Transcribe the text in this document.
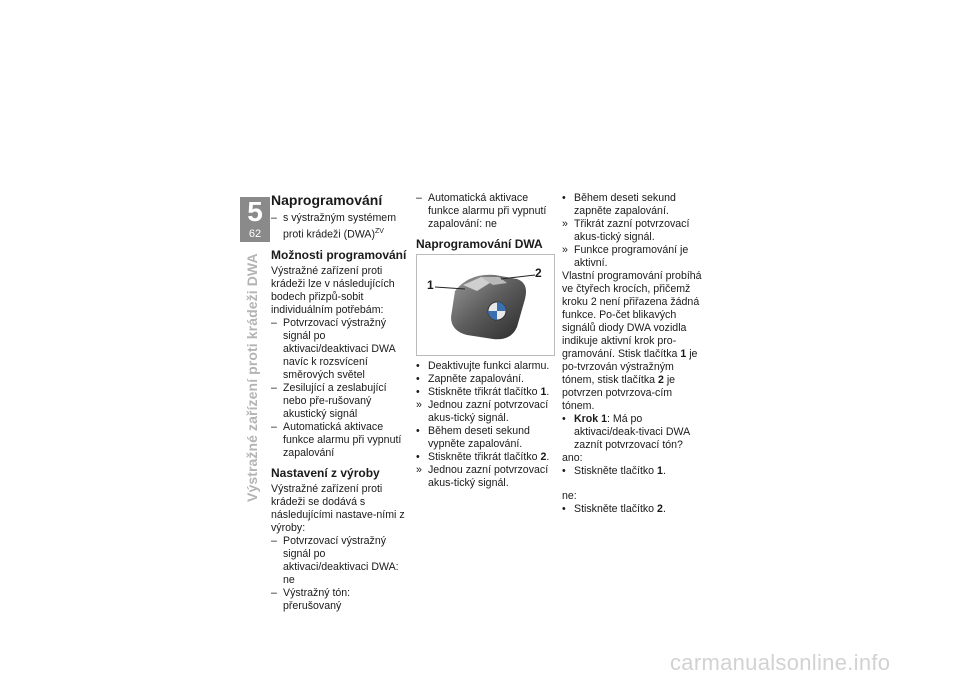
5
62
Výstražné zařízení proti krádeži DWA
Naprogramování
– s výstražným systémem proti krádeži (DWA)$^{ZV}$
Možnosti programování

Výstražné zařízení proti krádeži lze v následujících bodech přizpů-sobit individuálním potřebám:

– Potvrzovací výstražný signál po aktivaci/deaktivaci DWA navíc k rozsvícení směrových světel
– Zesilující a zeslabující nebo pře-rušovaný akustický signál
– Automatická aktivace funkce alarmu při vypnutí zapalování
Nastavení z výroby

Výstražné zařízení proti krádeži se dodává s následujícími nastave-ními z výroby:

– Potvrzovací výstražný signál po aktivaci/deaktivaci DWA: ne
– Výstražný tón: přerušovaný
– Automatická aktivace funkce alarmu při vypnutí zapalování: ne
Naprogramování DWA
1
2
• Deaktivujte funkci alarmu.
• Zapněte zapalování.
• Stiskněte třikrát tlačítko 1.
» Jednou zazní potvrzovací akus-tický signál.
• Během deseti sekund vypněte zapalování.
• Stiskněte třikrát tlačítko 2.
» Jednou zazní potvrzovací akus-tický signál.
• Během deseti sekund zapněte zapalování.
» Třikrát zazní potvrzovací akus-tický signál.
» Funkce programování je aktivní.

Vlastní programování probíhá ve čtyřech krocích, přičemž kroku 2 není přiřazena žádná funkce. Po-čet blikavých signálů diody DWA vozidla indikuje aktivní krok pro-gramování. Stisk tlačítka 1 je po-tvrzován výstražným tónem, stisk tlačítka 2 je potvrzen potvrzova-cím tónem.

• Krok 1: Má po aktivaci/deak-tivaci DWA zaznít potvrzovací tón?

ano:

• Stiskněte tlačítko 1.

ne:

• Stiskněte tlačítko 2.
carmanualsonline.info
